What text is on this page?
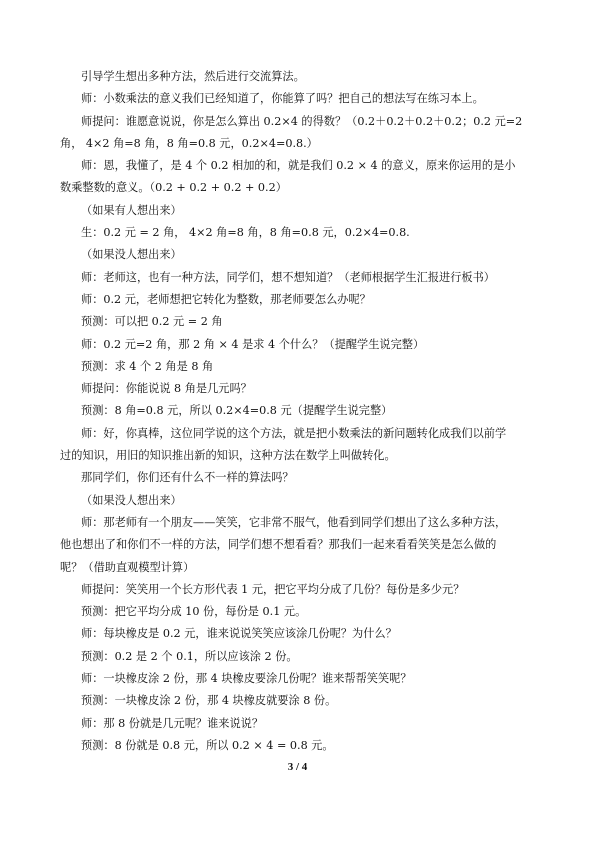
引导学生想出多种方法，然后进行交流算法。
师：小数乘法的意义我们已经知道了，你能算了吗？把自己的想法写在练习本上。
师提问：谁愿意说说，你是怎么算出 0.2×4 的得数？（0.2＋0.2＋0.2＋0.2；0.2 元=2
角， 4×2 角=8 角，8 角=0.8 元，0.2×4=0.8.）
师：恩，我懂了，是 4 个 0.2 相加的和，就是我们 0.2 × 4 的意义，原来你运用的是小
数乘整数的意义。（0.2 + 0.2 + 0.2 + 0.2）
（如果有人想出来）
生：0.2 元 = 2 角， 4×2 角=8 角，8 角=0.8 元，0.2×4=0.8.
（如果没人想出来）
师：老师这，也有一种方法，同学们，想不想知道？（老师根据学生汇报进行板书）
师：0.2 元，老师想把它转化为整数，那老师要怎么办呢？
预测：可以把 0.2 元 = 2 角
师：0.2 元=2 角，那 2 角 × 4 是求 4 个什么？（提醒学生说完整）
预测：求 4 个 2 角是 8 角
师提问：你能说说 8 角是几元吗？
预测：8 角=0.8 元，所以 0.2×4=0.8 元（提醒学生说完整）
师：好，你真棒，这位同学说的这个方法，就是把小数乘法的新问题转化成我们以前学
过的知识，用旧的知识推出新的知识，这种方法在数学上叫做转化。
那同学们，你们还有什么不一样的算法吗？
（如果没人想出来）
师：那老师有一个朋友——笑笑，它非常不服气，他看到同学们想出了这么多种方法，
他也想出了和你们不一样的方法，同学们想不想看看？那我们一起来看看笑笑是怎么做的
呢？（借助直观模型计算）
师提问：笑笑用一个长方形代表 1 元，把它平均分成了几份？每份是多少元？
预测：把它平均分成 10 份，每份是 0.1 元。
师：每块橡皮是 0.2 元，谁来说说笑笑应该涂几份呢？为什么？
预测：0.2 是 2 个 0.1，所以应该涂 2 份。
师：一块橡皮涂 2 份，那 4 块橡皮要涂几份呢？谁来帮帮笑笑呢？
预测：一块橡皮涂 2 份，那 4 块橡皮就要涂 8 份。
师：那 8 份就是几元呢？谁来说说？
预测：8 份就是 0.8 元，所以 0.2 × 4 = 0.8 元。
3 / 4
